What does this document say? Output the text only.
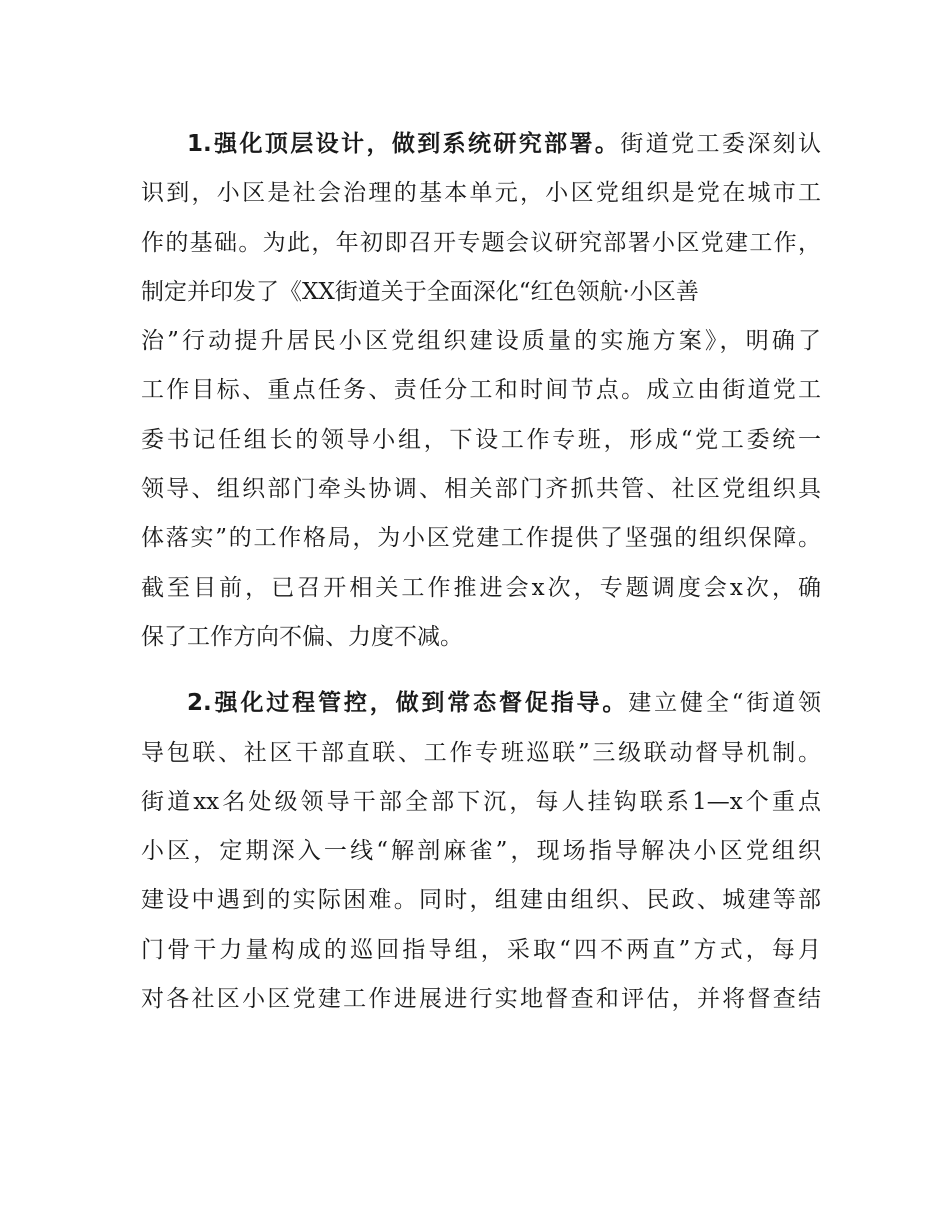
1.强化顶层设计，做到系统研究部署。街道党工委深刻认
识到，小区是社会治理的基本单元，小区党组织是党在城市工
作的基础。为此，年初即召开专题会议研究部署小区党建工作，
制定并印发了《XX街道关于全面深化“红色领航·小区善
治”行动提升居民小区党组织建设质量的实施方案》，明确了
工作目标、重点任务、责任分工和时间节点。成立由街道党工
委书记任组长的领导小组，下设工作专班，形成“党工委统一
领导、组织部门牵头协调、相关部门齐抓共管、社区党组织具
体落实”的工作格局，为小区党建工作提供了坚强的组织保障。
截至目前，已召开相关工作推进会x次，专题调度会x次，确
保了工作方向不偏、力度不减。
2.强化过程管控，做到常态督促指导。建立健全“街道领
导包联、社区干部直联、工作专班巡联”三级联动督导机制。
街道xx名处级领导干部全部下沉，每人挂钩联系1—x个重点
小区，定期深入一线“解剖麻雀”，现场指导解决小区党组织
建设中遇到的实际困难。同时，组建由组织、民政、城建等部
门骨干力量构成的巡回指导组，采取“四不两直”方式，每月
对各社区小区党建工作进展进行实地督查和评估，并将督查结
